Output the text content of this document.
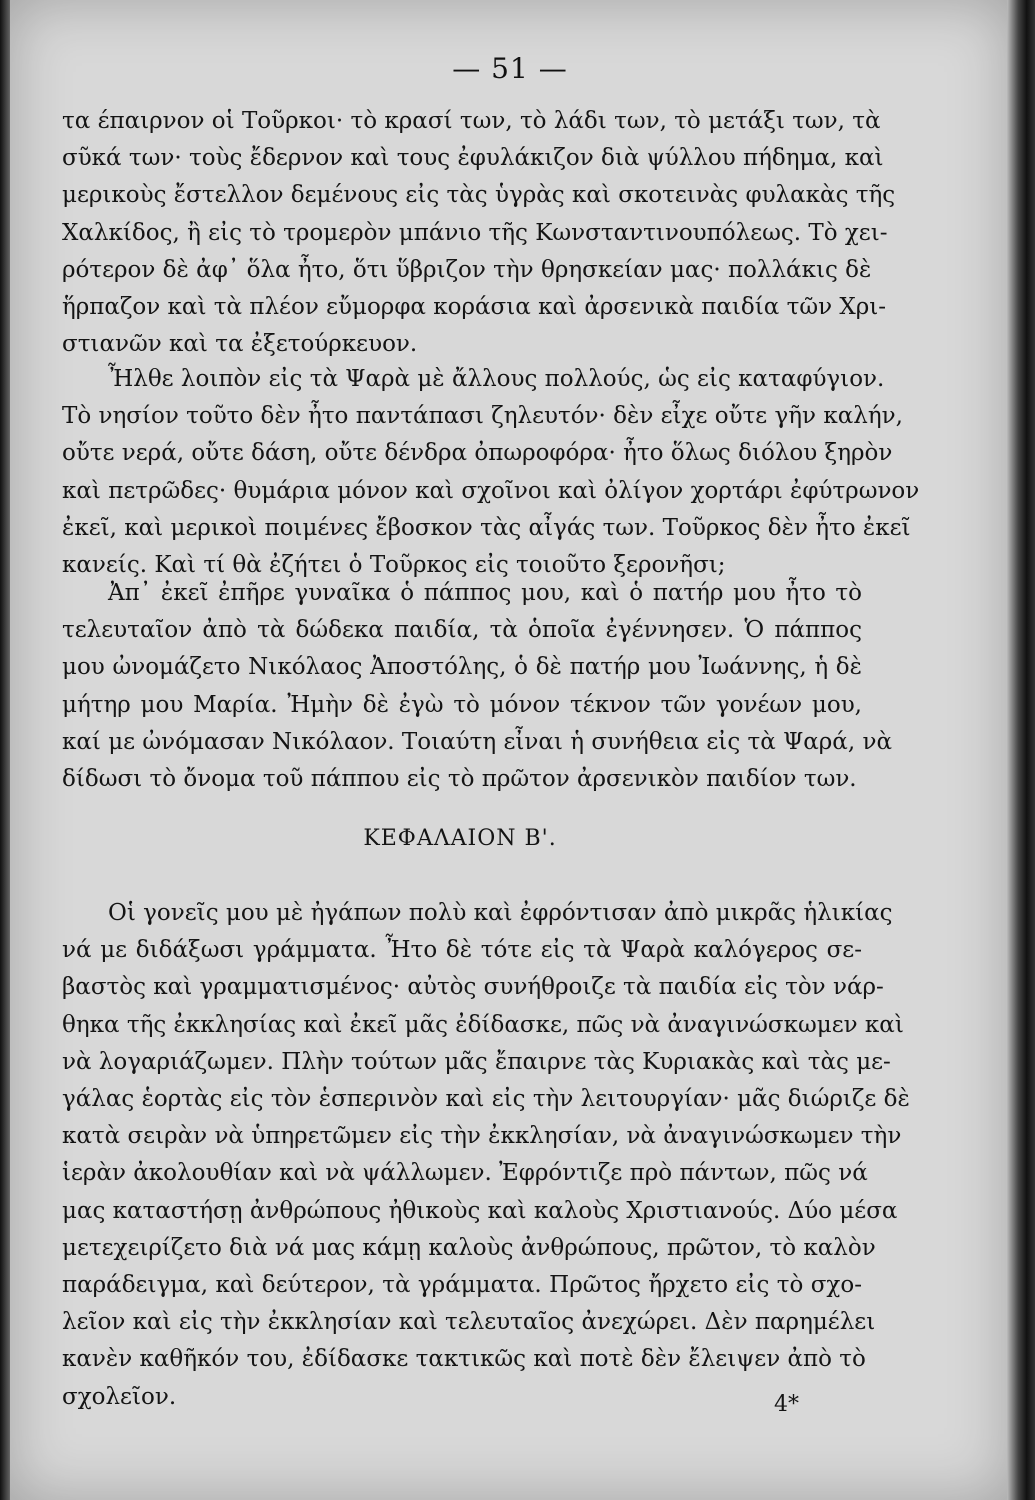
— 51 —
τα έπαιρνον οἱ Τοῦρκοι· τὸ κρασί των, τὸ λάδι των, τὸ μετάξι των, τὰ
σῦκά των· τοὺς ἔδερνον καὶ τους ἐφυλάκιζον διὰ ψύλλου πήδημα, καὶ
μερικοὺς ἔστελλον δεμένους εἰς τὰς ὑγρὰς καὶ σκοτεινὰς φυλακὰς τῆς
Χαλκίδος, ἢ εἰς τὸ τρομερὸν μπάνιο τῆς Κωνσταντινουπόλεως. Τὸ χει-
ρότερον δὲ ἀφ᾽ ὅλα ἦτο, ὅτι ὕβριζον τὴν θρησκείαν μας· πολλάκις δὲ
ἥρπαζον καὶ τὰ πλέον εὔμορφα κοράσια καὶ ἀρσενικὰ παιδία τῶν Χρι-
στιανῶν καὶ τα ἐξετούρκευον.
Ἦλθε λοιπὸν εἰς τὰ Ψαρὰ μὲ ἄλλους πολλούς, ὡς εἰς καταφύγιον.
Τὸ νησίον τοῦτο δὲν ἦτο παντάπασι ζηλευτόν· δὲν εἶχε οὔτε γῆν καλήν,
οὔτε νερά, οὔτε δάση, οὔτε δένδρα ὀπωροφόρα· ἦτο ὅλως διόλου ξηρὸν
καὶ πετρῶδες· θυμάρια μόνον καὶ σχοῖνοι καὶ ὀλίγον χορτάρι ἐφύτρωνον
ἐκεῖ, καὶ μερικοὶ ποιμένες ἔβοσκον τὰς αἶγάς των. Τοῦρκος δὲν ἦτο ἐκεῖ
κανείς. Καὶ τί θὰ ἐζήτει ὁ Τοῦρκος εἰς τοιοῦτο ξερονῆσι;
Ἀπ᾽ ἐκεῖ ἐπῆρε γυναῖκα ὁ πάππος μου, καὶ ὁ πατήρ μου ἦτο τὸ
τελευταῖον ἀπὸ τὰ δώδεκα παιδία, τὰ ὁποῖα ἐγέννησεν. Ὁ πάππος
μου ὠνομάζετο Νικόλαος Ἀποστόλης, ὁ δὲ πατήρ μου Ἰωάννης, ἡ δὲ
μήτηρ μου Μαρία. Ἠμὴν δὲ ἐγὼ τὸ μόνον τέκνον τῶν γονέων μου,
καί με ὠνόμασαν Νικόλαον. Τοιαύτη εἶναι ἡ συνήθεια εἰς τὰ Ψαρά, νὰ
δίδωσι τὸ ὄνομα τοῦ πάππου εἰς τὸ πρῶτον ἀρσενικὸν παιδίον των.
ΚΕΦΑΛΑΙΟΝ Β'.
Οἱ γονεῖς μου μὲ ἠγάπων πολὺ καὶ ἐφρόντισαν ἀπὸ μικρᾶς ἡλικίας
νά με διδάξωσι γράμματα. Ἦτο δὲ τότε εἰς τὰ Ψαρὰ καλόγερος σε-
βαστὸς καὶ γραμματισμένος· αὐτὸς συνήθροιζε τὰ παιδία εἰς τὸν νάρ-
θηκα τῆς ἐκκλησίας καὶ ἐκεῖ μᾶς ἐδίδασκε, πῶς νὰ ἀναγινώσκωμεν καὶ
νὰ λογαριάζωμεν. Πλὴν τούτων μᾶς ἔπαιρνε τὰς Κυριακὰς καὶ τὰς με-
γάλας ἑορτὰς εἰς τὸν ἑσπερινὸν καὶ εἰς τὴν λειτουργίαν· μᾶς διώριζε δὲ
κατὰ σειρὰν νὰ ὑπηρετῶμεν εἰς τὴν ἐκκλησίαν, νὰ ἀναγινώσκωμεν τὴν
ἱερὰν ἀκολουθίαν καὶ νὰ ψάλλωμεν. Ἐφρόντιζε πρὸ πάντων, πῶς νά
μας καταστήσῃ ἀνθρώπους ἠθικοὺς καὶ καλοὺς Χριστιανούς. Δύο μέσα
μετεχειρίζετο διὰ νά μας κάμῃ καλοὺς ἀνθρώπους, πρῶτον, τὸ καλὸν
παράδειγμα, καὶ δεύτερον, τὰ γράμματα. Πρῶτος ἤρχετο εἰς τὸ σχο-
λεῖον καὶ εἰς τὴν ἐκκλησίαν καὶ τελευταῖος ἀνεχώρει. Δὲν παρημέλει
κανὲν καθῆκόν του, ἐδίδασκε τακτικῶς καὶ ποτὲ δὲν ἔλειψεν ἀπὸ τὸ
σχολεῖον.	4*
